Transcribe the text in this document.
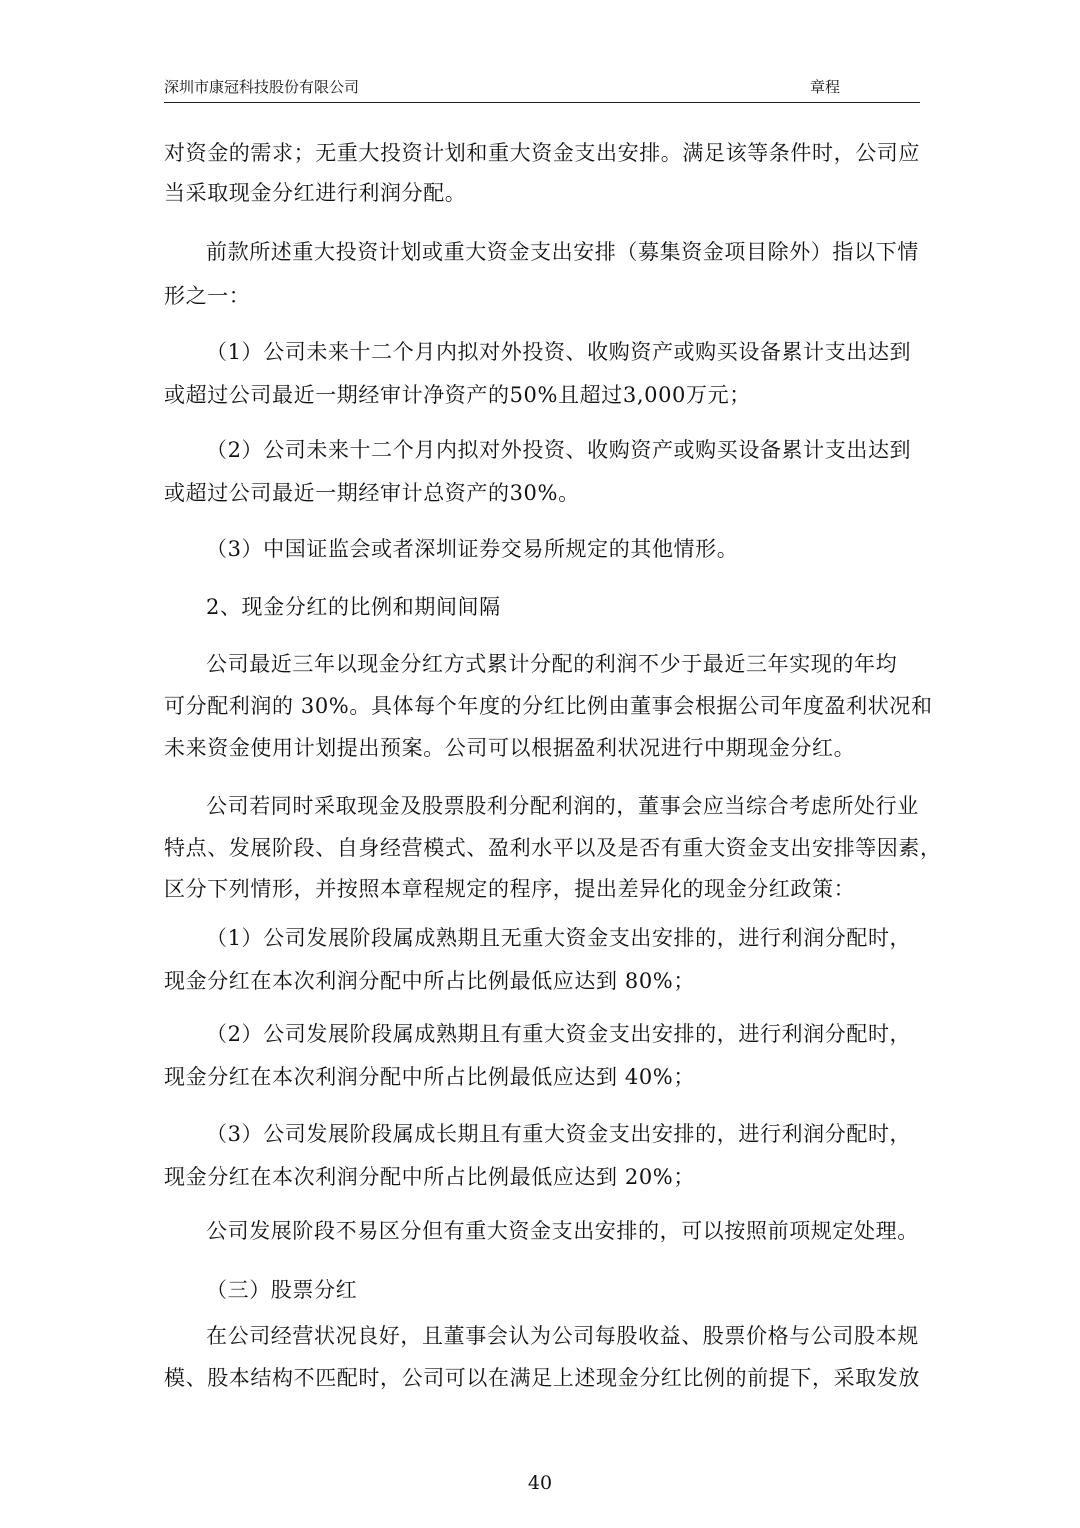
深圳市康冠科技股份有限公司	章程
对资金的需求；无重大投资计划和重大资金支出安排。满足该等条件时，公司应
当采取现金分红进行利润分配。
前款所述重大投资计划或重大资金支出安排（募集资金项目除外）指以下情
形之一：
（1）公司未来十二个月内拟对外投资、收购资产或购买设备累计支出达到
或超过公司最近一期经审计净资产的50%且超过3,000万元；
（2）公司未来十二个月内拟对外投资、收购资产或购买设备累计支出达到
或超过公司最近一期经审计总资产的30%。
（3）中国证监会或者深圳证券交易所规定的其他情形。
2、现金分红的比例和期间间隔
公司最近三年以现金分红方式累计分配的利润不少于最近三年实现的年均
可分配利润的 30%。具体每个年度的分红比例由董事会根据公司年度盈利状况和
未来资金使用计划提出预案。公司可以根据盈利状况进行中期现金分红。
公司若同时采取现金及股票股利分配利润的，董事会应当综合考虑所处行业
特点、发展阶段、自身经营模式、盈利水平以及是否有重大资金支出安排等因素，
区分下列情形，并按照本章程规定的程序，提出差异化的现金分红政策：
（1）公司发展阶段属成熟期且无重大资金支出安排的，进行利润分配时，
现金分红在本次利润分配中所占比例最低应达到 80%；
（2）公司发展阶段属成熟期且有重大资金支出安排的，进行利润分配时，
现金分红在本次利润分配中所占比例最低应达到 40%；
（3）公司发展阶段属成长期且有重大资金支出安排的，进行利润分配时，
现金分红在本次利润分配中所占比例最低应达到 20%；
公司发展阶段不易区分但有重大资金支出安排的，可以按照前项规定处理。
（三）股票分红
在公司经营状况良好，且董事会认为公司每股收益、股票价格与公司股本规
模、股本结构不匹配时，公司可以在满足上述现金分红比例的前提下，采取发放
40
